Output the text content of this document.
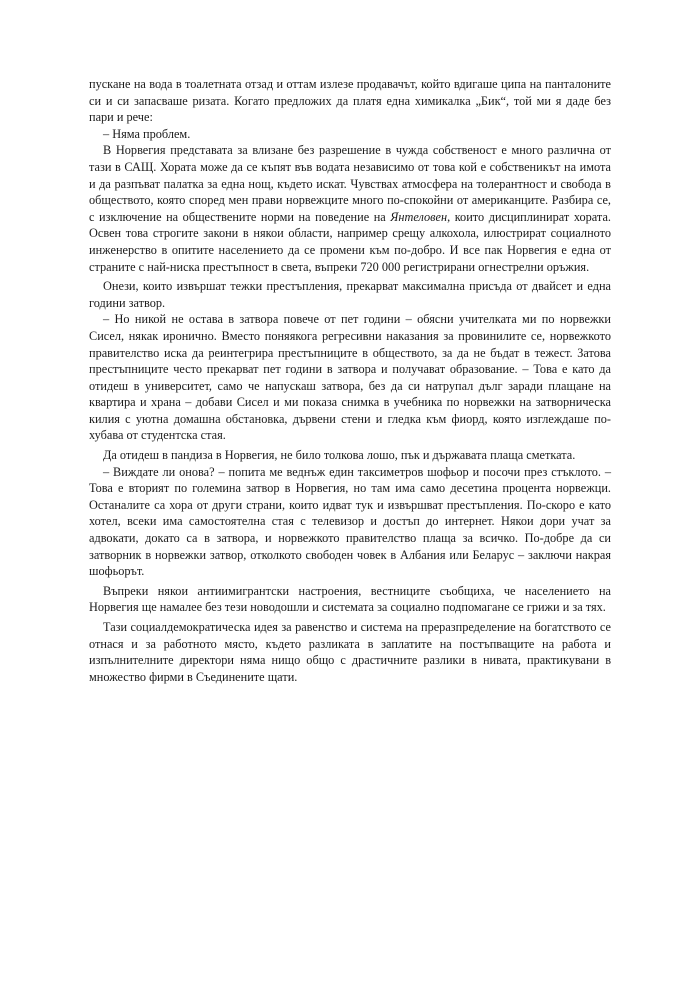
пускане на вода в тоалетната отзад и оттам излезе продавачът, който вдигаше ципа на панталоните си и си запасваше ризата. Когато предложих да платя една химикалка „Бик“, той ми я даде без пари и рече:

– Няма проблем.

В Норвегия представата за влизане без разрешение в чужда собственост е много различна от тази в САЩ. Хората може да се къпят във водата независимо от това кой е собственикът на имота и да разпъват палатка за една нощ, където искат. Чувствах атмосфера на толерантност и свобода в обществото, която според мен прави норвежците много по-спокойни от американците. Разбира се, с изключение на обществените норми на поведение на Янтеловен, които дисциплинират хората. Освен това строгите закони в някои области, например срещу алкохола, илюстрират социалното инженерство в опитите населението да се промени към по-добро. И все пак Норвегия е една от страните с най-ниска престъпност в света, въпреки 720 000 регистрирани огнестрелни оръжия.

Онези, които извършат тежки престъпления, прекарват максимална присъда от двайсет и една години затвор.

– Но никой не остава в затвора повече от пет години – обясни учителката ми по норвежки Сисел, някак иронично. Вместо поняякога регресивни наказания за провинилите се, норвежкото правителство иска да реинтегрира престъпниците в обществото, за да не бъдат в тежест. Затова престъпниците често прекарват пет години в затвора и получават образование. – Това е като да отидеш в университет, само че напускаш затвора, без да си натрупал дълг заради плащане на квартира и храна – добави Сисел и ми показа снимка в учебника по норвежки на затворническа килия с уютна домашна обстановка, дървени стени и гледка към фиорд, която изглеждаше по-хубава от студентска стая.

Да отидеш в пандиза в Норвегия, не било толкова лошо, пък и държавата плаща сметката.

– Виждате ли онова? – попита ме веднъж един таксиметров шофьор и посочи през стъклото. – Това е вторият по големина затвор в Норвегия, но там има само десетина процента норвежци. Останалите са хора от други страни, които идват тук и извършват престъпления. По-скоро е като хотел, всеки има самостоятелна стая с телевизор и достъп до интернет. Някои дори учат за адвокати, докато са в затвора, и норвежкото правителство плаща за всичко. По-добре да си затворник в норвежки затвор, отколкото свободен човек в Албания или Беларус – заключи накрая шофьорът.

Въпреки някои антиимигрантски настроения, вестниците съобщиха, че населението на Норвегия ще намалее без тези новодошли и системата за социално подпомагане се грижи и за тях.

Тази социалдемократическа идея за равенство и система на преразпределение на богатството се отнася и за работното място, където разликата в заплатите на постъпващите на работа и изпълнителните директори няма нищо общо с драстичните разлики в нивата, практикувани в множество фирми в Съединените щати.
